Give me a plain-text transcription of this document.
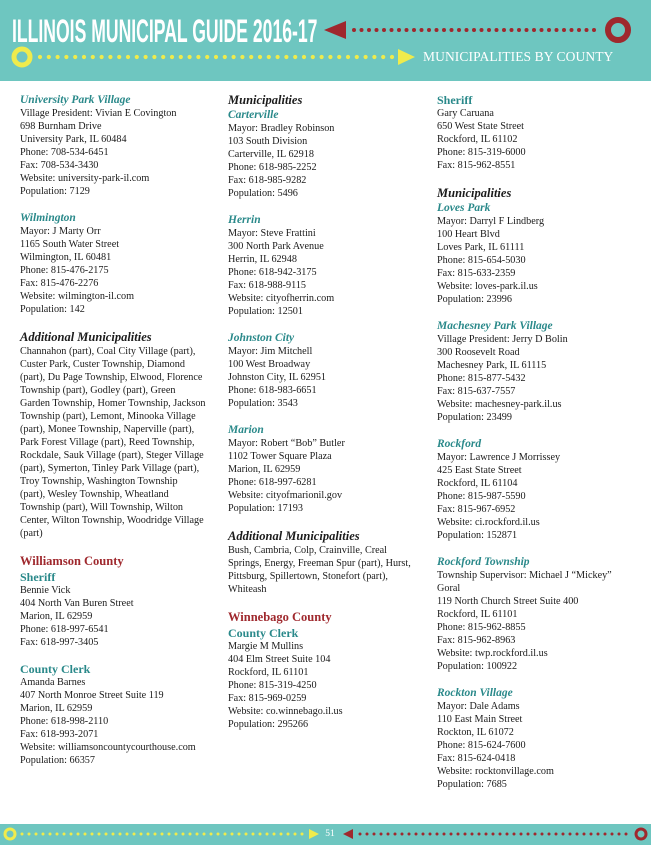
ILLINOIS MUNICIPAL GUIDE 2016-17
MUNICIPALITIES BY COUNTY
University Park Village
Village President: Vivian E Covington
698 Burnham Drive
University Park, IL 60484
Phone: 708-534-6451
Fax: 708-534-3430
Website: university-park-il.com
Population: 7129
Wilmington
Mayor: J Marty Orr
1165 South Water Street
Wilmington, IL 60481
Phone: 815-476-2175
Fax: 815-476-2276
Website: wilmington-il.com
Population: 142
Additional Municipalities
Channahon (part), Coal City Village (part),
Custer Park, Custer Township, Diamond
(part), Du Page Township, Elwood, Florence
Township (part), Godley (part), Green
Garden Township, Homer Township, Jackson
Township (part), Lemont, Minooka Village
(part), Monee Township, Naperville (part),
Park Forest Village (part), Reed Township,
Rockdale, Sauk Village (part), Steger Village
(part), Symerton, Tinley Park Village (part),
Troy Township, Washington Township
(part), Wesley Township, Wheatland
Township (part), Will Township, Wilton
Center, Wilton Township, Woodridge Village
(part)
Williamson County
Sheriff
Bennie Vick
404 North Van Buren Street
Marion, IL 62959
Phone: 618-997-6541
Fax: 618-997-3405
County Clerk
Amanda Barnes
407 North Monroe Street Suite 119
Marion, IL 62959
Phone: 618-998-2110
Fax: 618-993-2071
Website: williamsoncountycourthouse.com
Population: 66357
Municipalities
Carterville
Mayor: Bradley Robinson
103 South Division
Carterville, IL 62918
Phone: 618-985-2252
Fax: 618-985-9282
Population: 5496
Herrin
Mayor: Steve Frattini
300 North Park Avenue
Herrin, IL 62948
Phone: 618-942-3175
Fax: 618-988-9115
Website: cityofherrin.com
Population: 12501
Johnston City
Mayor: Jim Mitchell
100 West Broadway
Johnston City, IL 62951
Phone: 618-983-6651
Population: 3543
Marion
Mayor: Robert “Bob” Butler
1102 Tower Square Plaza
Marion, IL 62959
Phone: 618-997-6281
Website: cityofmarionil.gov
Population: 17193
Additional Municipalities
Bush, Cambria, Colp, Crainville, Creal
Springs, Energy, Freeman Spur (part), Hurst,
Pittsburg, Spillertown, Stonefort (part),
Whiteash
Winnebago County
County Clerk
Margie M Mullins
404 Elm Street Suite 104
Rockford, IL 61101
Phone: 815-319-4250
Fax: 815-969-0259
Website: co.winnebago.il.us
Population: 295266
Sheriff
Gary Caruana
650 West State Street
Rockford, IL 61102
Phone: 815-319-6000
Fax: 815-962-8551
Municipalities
Loves Park
Mayor: Darryl F Lindberg
100 Heart Blvd
Loves Park, IL 61111
Phone: 815-654-5030
Fax: 815-633-2359
Website: loves-park.il.us
Population: 23996
Machesney Park Village
Village President: Jerry D Bolin
300 Roosevelt Road
Machesney Park, IL 61115
Phone: 815-877-5432
Fax: 815-637-7557
Website: machesney-park.il.us
Population: 23499
Rockford
Mayor: Lawrence J Morrissey
425 East State Street
Rockford, IL 61104
Phone: 815-987-5590
Fax: 815-967-6952
Website: ci.rockford.il.us
Population: 152871
Rockford Township
Township Supervisor: Michael J “Mickey”
Goral
119 North Church Street Suite 400
Rockford, IL 61101
Phone: 815-962-8855
Fax: 815-962-8963
Website: twp.rockford.il.us
Population: 100922
Rockton Village
Mayor: Dale Adams
110 East Main Street
Rockton, IL 61072
Phone: 815-624-7600
Fax: 815-624-0418
Website: rocktonvillage.com
Population: 7685
51
